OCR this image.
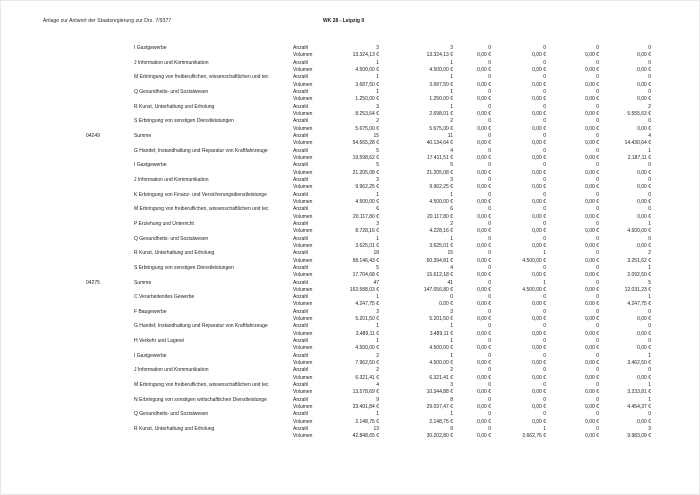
Anlage zur Antwort der Staatsregierung zur Drs. 7/9377	WK 28 - Leipzig II
I Gastgewerbe	Anzahl	3	3	0	0	0	0
Volumen	13.324,13 €	13.324,13 €	0,00 €	0,00 €	0,00 €	0,00 €
J Information und Kommunikation	Anzahl	1	1	0	0	0	0
Volumen	4.500,00 €	4.500,00 €	0,00 €	0,00 €	0,00 €	0,00 €
M Erbringung von freiberuflichen, wissenschaftlichen und tec	Anzahl	1	1	0	0	0	0
Volumen	3.687,50 €	3.687,50 €	0,00 €	0,00 €	0,00 €	0,00 €
Q Gesundheits- und Sozialwesen	Anzahl	1	1	0	0	0	0
Volumen	1.250,00 €	1.250,00 €	0,00 €	0,00 €	0,00 €	0,00 €
R Kunst, Unterhaltung und Erholung	Anzahl	3	1	0	0	0	2
Volumen	8.253,64 €	2.698,01 €	0,00 €	0,00 €	0,00 €	5.555,63 €
S Erbringung von sonstigen Dienstleistungen	Anzahl	2	2	0	0	0	0
Volumen	5.675,00 €	5.675,00 €	0,00 €	0,00 €	0,00 €	0,00 €
04249	Summe	Anzahl	15	11	0	0	0	4
Volumen	54.565,28 €	40.134,64 €	0,00 €	0,00 €	0,00 €	14.430,64 €
G Handel; Instandhaltung und Reparatur von Kraftfahrzeuge	Anzahl	5	4	0	0	0	1
Volumen	19.598,62 €	17.411,51 €	0,00 €	0,00 €	0,00 €	2.187,11 €
I Gastgewerbe	Anzahl	5	5	0	0	0	0
Volumen	21.205,08 €	21.205,08 €	0,00 €	0,00 €	0,00 €	0,00 €
J Information und Kommunikation	Anzahl	3	3	0	0	0	0
Volumen	9.962,25 €	9.962,25 €	0,00 €	0,00 €	0,00 €	0,00 €
K Erbringung von Finanz- und Versicherungsdienstleistunge	Anzahl	1	1	0	0	0	0
Volumen	4.500,00 €	4.500,00 €	0,00 €	0,00 €	0,00 €	0,00 €
M Erbringung von freiberuflichen, wissenschaftlichen und tec	Anzahl	6	6	0	0	0	0
Volumen	20.117,80 €	20.117,80 €	0,00 €	0,00 €	0,00 €	0,00 €
P Erziehung und Unterricht	Anzahl	3	2	0	0	0	1
Volumen	8.728,16 €	4.228,16 €	0,00 €	0,00 €	0,00 €	4.500,00 €
Q Gesundheits- und Sozialwesen	Anzahl	1	1	0	0	0	0
Volumen	3.625,01 €	3.625,01 €	0,00 €	0,00 €	0,00 €	0,00 €
R Kunst, Unterhaltung und Erholung	Anzahl	18	15	0	1	0	2
Volumen	58.146,43 €	50.394,81 €	0,00 €	4.500,00 €	0,00 €	3.251,62 €
S Erbringung von sonstigen Dienstleistungen	Anzahl	5	4	0	0	0	1
Volumen	17.704,68 €	15.612,18 €	0,00 €	0,00 €	0,00 €	2.092,50 €
04275	Summe	Anzahl	47	41	0	1	0	5
Volumen	163.588,03 €	147.056,80 €	0,00 €	4.500,00 €	0,00 €	12.031,23 €
C Verarbeitendes Gewerbe	Anzahl	1	0	0	0	0	1
Volumen	4.247,75 €	0,00 €	0,00 €	0,00 €	0,00 €	4.247,75 €
F Baugewerbe	Anzahl	3	3	0	0	0	0
Volumen	5.201,50 €	5.201,50 €	0,00 €	0,00 €	0,00 €	0,00 €
G Handel; Instandhaltung und Reparatur von Kraftfahrzeuge	Anzahl	1	1	0	0	0	0
Volumen	3.489,11 €	3.489,11 €	0,00 €	0,00 €	0,00 €	0,00 €
H Verkehr und Lagerei	Anzahl	1	1	0	0	0	0
Volumen	4.500,00 €	4.500,00 €	0,00 €	0,00 €	0,00 €	0,00 €
I Gastgewerbe	Anzahl	2	1	0	0	0	1
Volumen	7.962,50 €	4.500,00 €	0,00 €	0,00 €	0,00 €	3.462,50 €
J Information und Kommunikation	Anzahl	2	2	0	0	0	0
Volumen	6.321,41 €	6.321,41 €	0,00 €	0,00 €	0,00 €	0,00 €
M Erbringung von freiberuflichen, wissenschaftlichen und tec	Anzahl	4	3	0	0	0	1
Volumen	13.578,69 €	10.344,88 €	0,00 €	0,00 €	0,00 €	3.233,81 €
N Erbringung von sonstigen wirtschaftlichen Dienstleistunge	Anzahl	9	8	0	0	0	1
Volumen	33.491,84 €	29.037,47 €	0,00 €	0,00 €	0,00 €	4.454,37 €
Q Gesundheits- und Sozialwesen	Anzahl	1	1	0	0	0	0
Volumen	2.148,75 €	2.148,75 €	0,00 €	0,00 €	0,00 €	0,00 €
R Kunst, Unterhaltung und Erholung	Anzahl	13	9	0	1	0	3
Volumen	42.848,65 €	30.202,80 €	0,00 €	2.662,76 €	0,00 €	9.983,09 €
